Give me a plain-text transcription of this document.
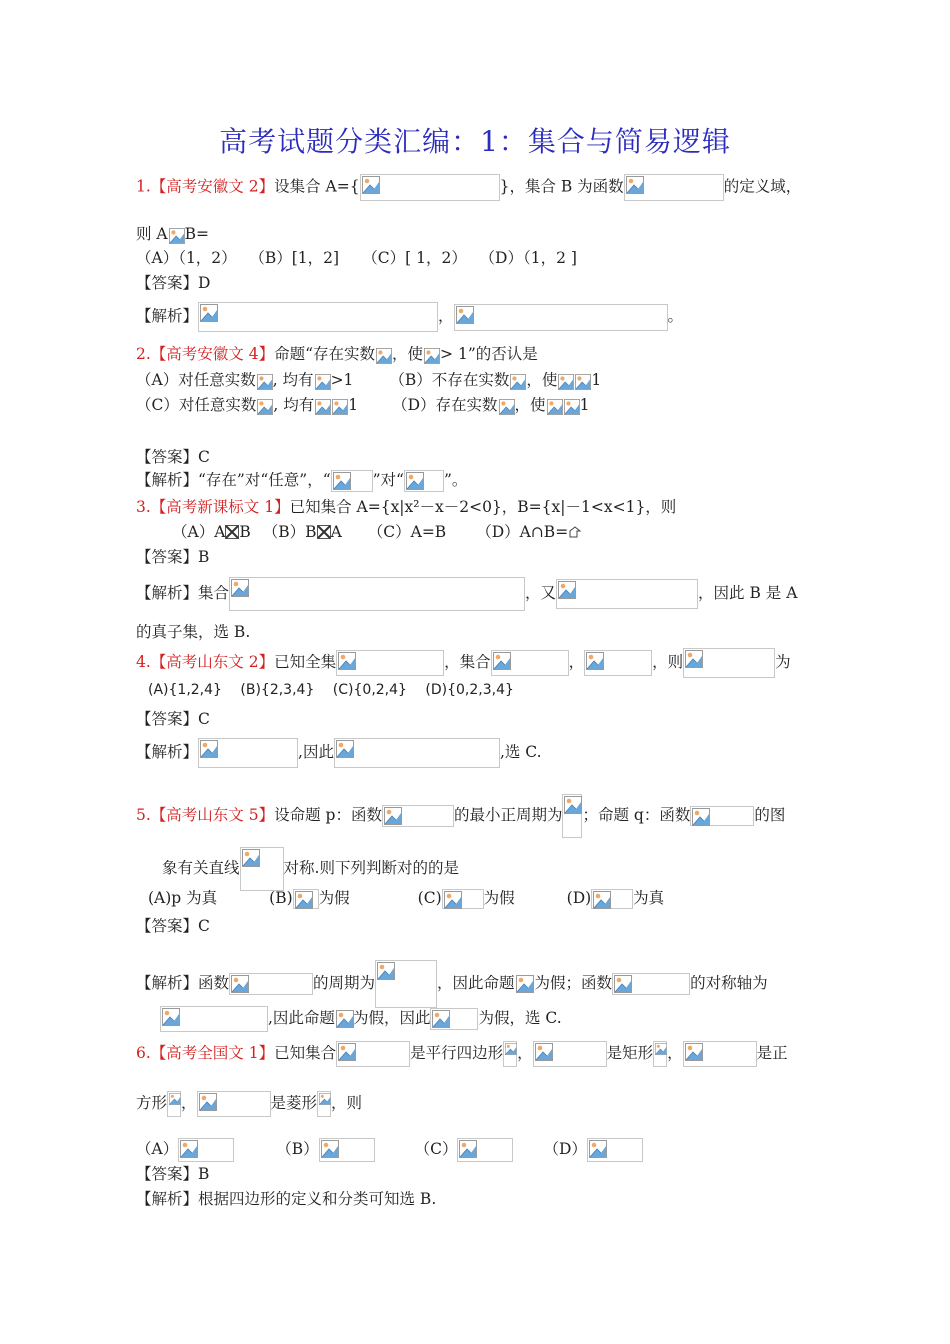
高考试题分类汇编：1：集合与简易逻辑
1.【高考安徽文 2】设集合 A={	}，集合 B 为函数	的定义域，
则 A B=
（A）（1，2）　 （B）[1，2]　　（C）[ 1，2）　 （D）（1，2 ]
【答案】D
【解析】	，	。
2.【高考安徽文 4】命题“存在实数 ，使 > 1”的否认是
（A）对任意实数 , 均有 >1 （B）不存在实数 ，使 1
（C）对任意实数 , 均有 1 （D）存在实数 ，使 1
【答案】C
【解析】“存在”对“任意”，“	”对“	”。
3.【高考新课标文 1】已知集合 A={x|x²－x－2<0}，B={x|－1<x<1}，则
（A）A B （B）B A （C）A=B （D）A∩B=
【答案】B
【解析】集合	，又	，因此 B 是 A
的真子集，选 B.
4.【高考山东文 2】已知全集	，集合	，	，则	为
(A){1,2,4}　 (B){2,3,4}　 (C){0,2,4}　 (D){0,2,3,4}
【答案】C
【解析】	,因此	,选 C.
5.【高考山东文 5】设命题 p：函数	的最小正周期为 ；命题 q：函数	的图
象有关直线	对称.则下列判断对的的是
(A)p 为真	(B) 为假	(C)	为假	(D)	为真
【答案】C
【解析】函数	的周期为	，因此命题 为假；函数	的对称轴为
,因此命题 为假，因此	为假，选 C.
6.【高考全国文 1】已知集合	是平行四边形 ，	是矩形 ，	是正
方形 ，	是菱形 ，则
（A）	（B）	（C）	（D）
【答案】B
【解析】根据四边形的定义和分类可知选 B.
